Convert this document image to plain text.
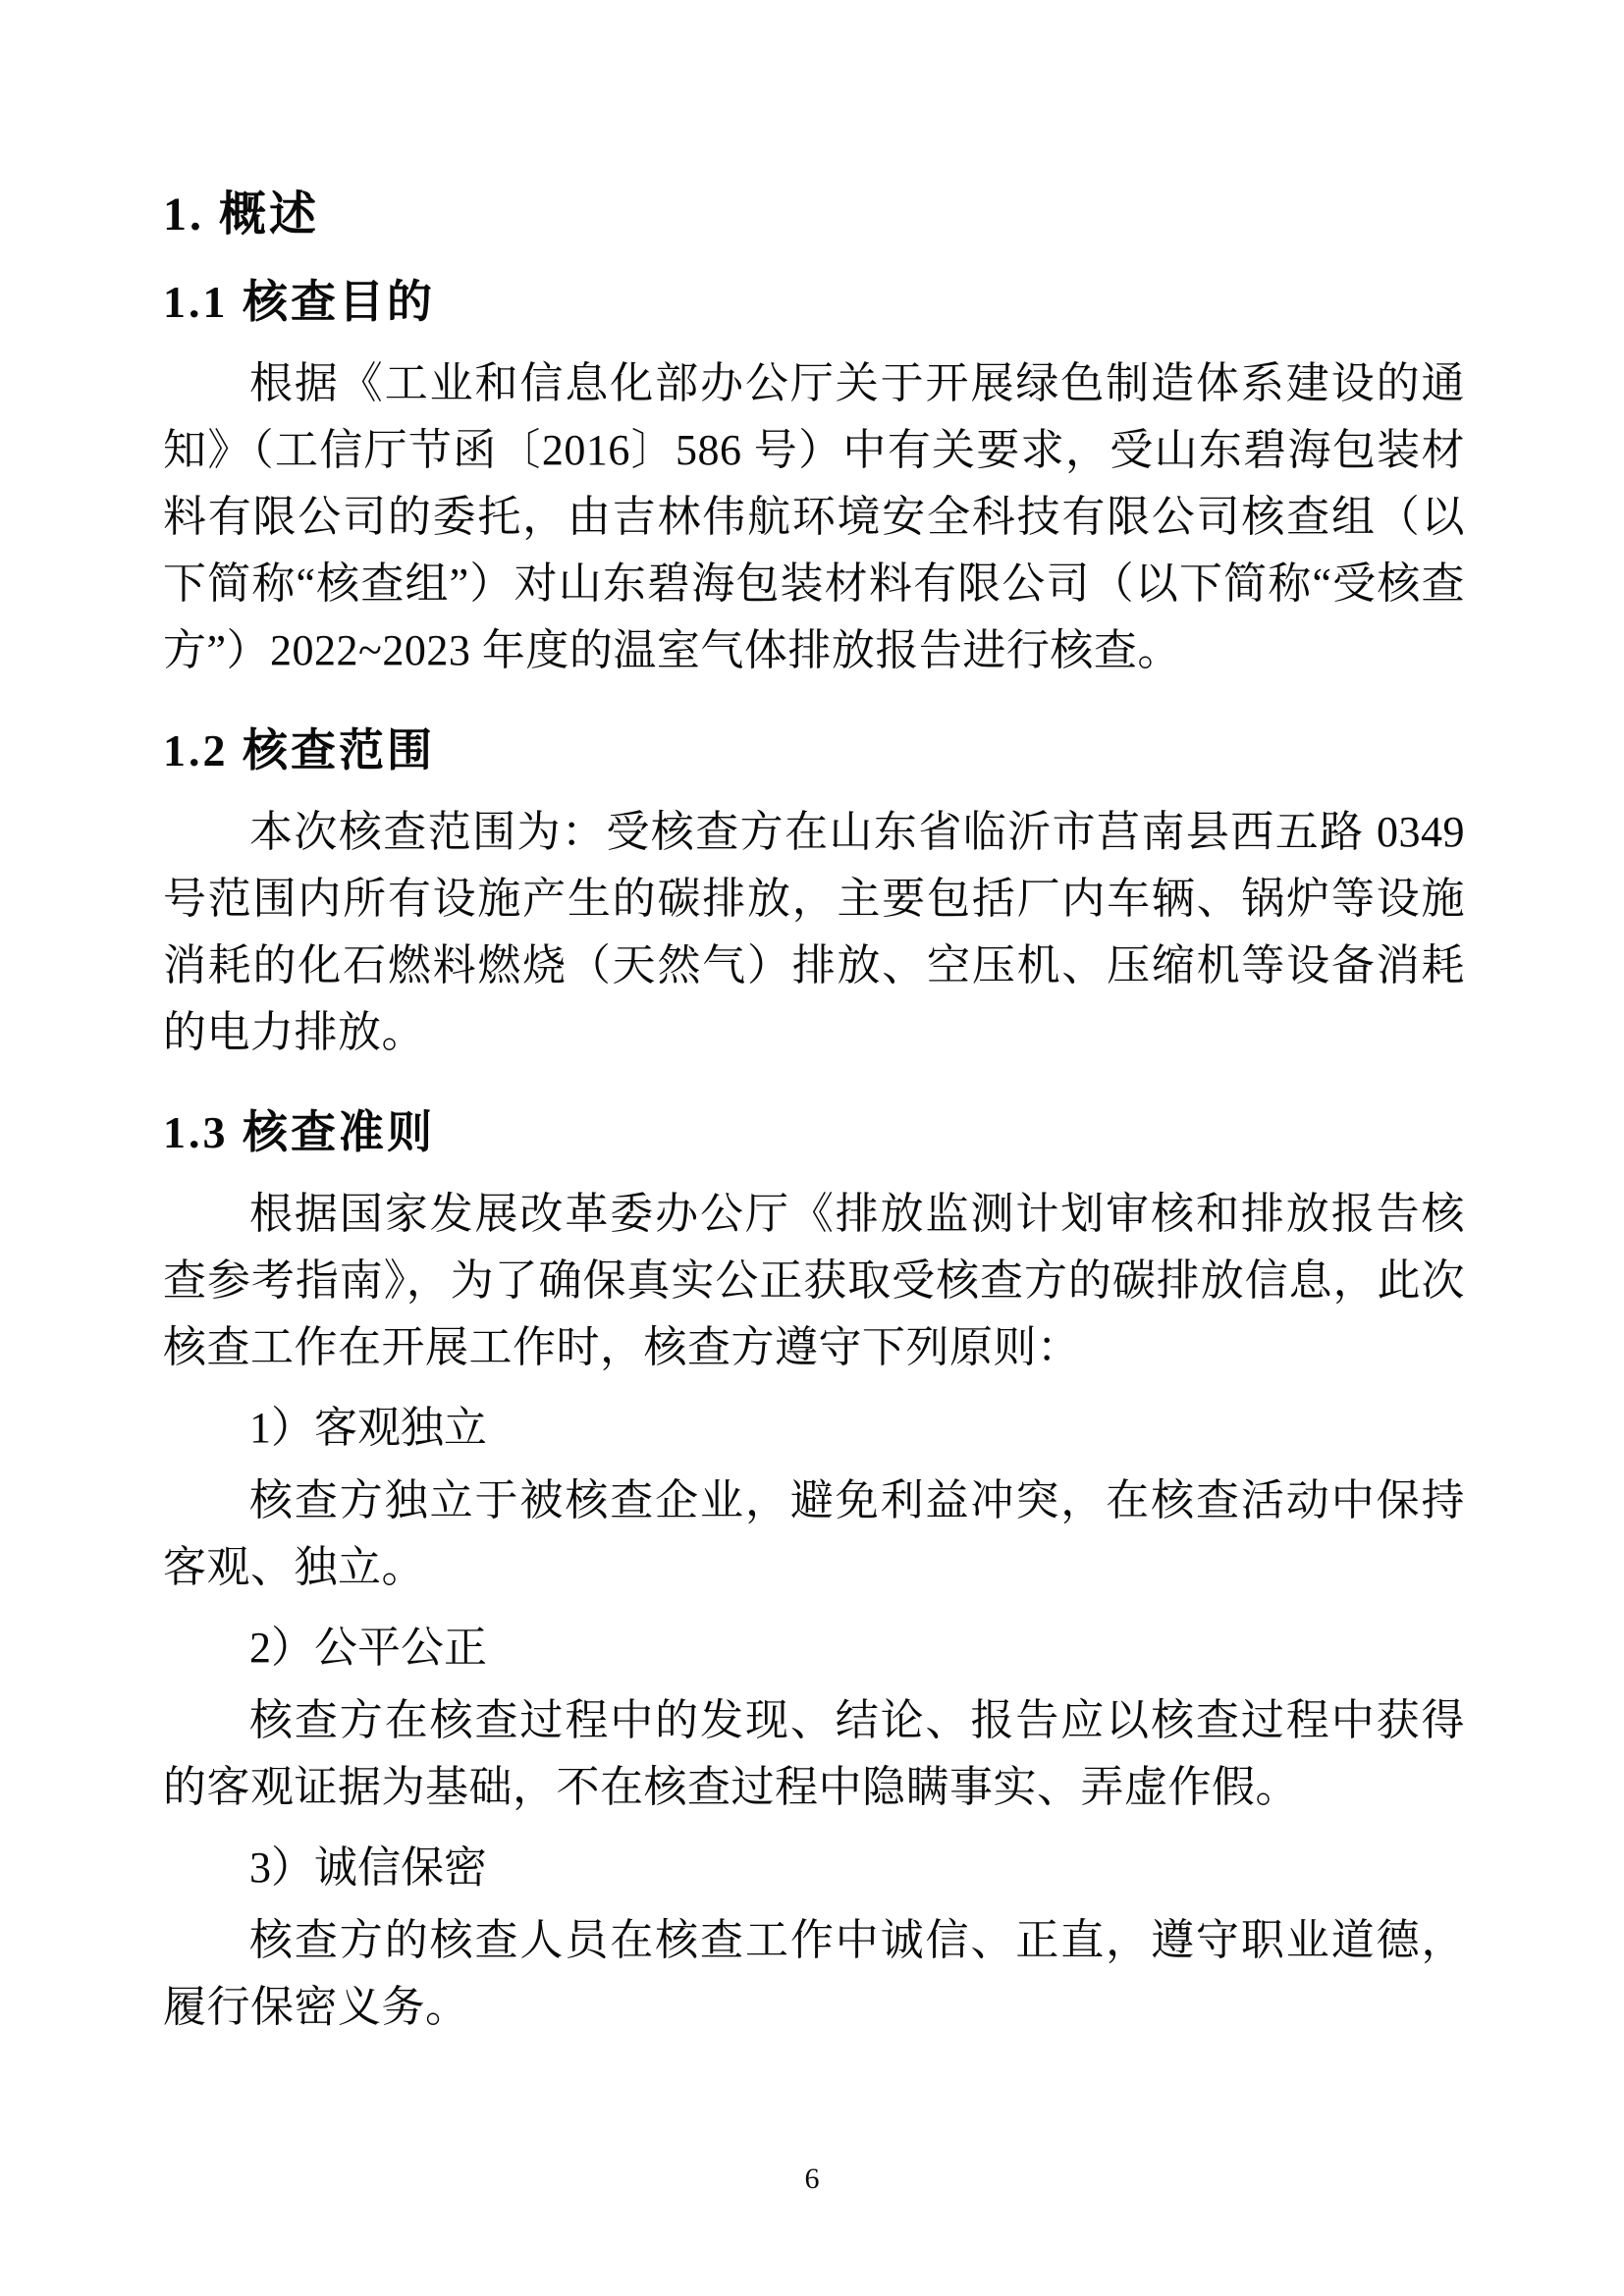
1. 概述
1.1 核查目的
根据《工业和信息化部办公厅关于开展绿色制造体系建设的通知》（工信厅节函〔2016〕586 号）中有关要求，受山东碧海包装材料有限公司的委托，由吉林伟航环境安全科技有限公司核查组（以下简称“核查组”）对山东碧海包装材料有限公司（以下简称“受核查方”）2022~2023 年度的温室气体排放报告进行核查。
1.2 核查范围
本次核查范围为：受核查方在山东省临沂市莒南县西五路 0349 号范围内所有设施产生的碳排放，主要包括厂内车辆、锅炉等设施消耗的化石燃料燃烧（天然气）排放、空压机、压缩机等设备消耗的电力排放。
1.3 核查准则
根据国家发展改革委办公厅《排放监测计划审核和排放报告核查参考指南》，为了确保真实公正获取受核查方的碳排放信息，此次核查工作在开展工作时，核查方遵守下列原则：
1）客观独立
核查方独立于被核查企业，避免利益冲突，在核查活动中保持客观、独立。
2）公平公正
核查方在核查过程中的发现、结论、报告应以核查过程中获得的客观证据为基础，不在核查过程中隐瞒事实、弄虚作假。
3）诚信保密
核查方的核查人员在核查工作中诚信、正直，遵守职业道德，履行保密义务。
6
